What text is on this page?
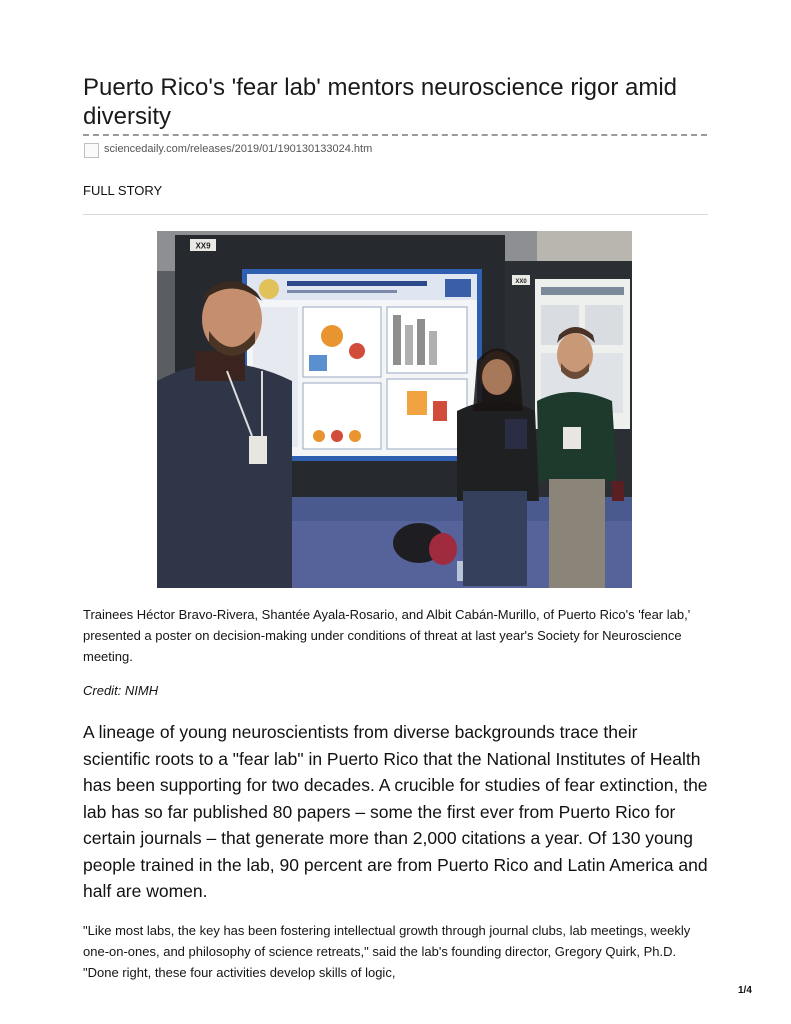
Puerto Rico's 'fear lab' mentors neuroscience rigor amid diversity
sciencedaily.com/releases/2019/01/190130133024.htm
FULL STORY
XX9
XX0

Trainees Héctor Bravo-Rivera, Shantée Ayala-Rosario, and Albit Cabán-Murillo, of Puerto Rico's 'fear lab,' presented a poster on decision-making under conditions of threat at last year's Society for Neuroscience meeting.

Credit: NIMH

A lineage of young neuroscientists from diverse backgrounds trace their scientific roots to a "fear lab" in Puerto Rico that the National Institutes of Health has been supporting for two decades. A crucible for studies of fear extinction, the lab has so far published 80 papers – some the first ever from Puerto Rico for certain journals – that generate more than 2,000 citations a year. Of 130 young people trained in the lab, 90 percent are from Puerto Rico and Latin America and half are women.

"Like most labs, the key has been fostering intellectual growth through journal clubs, lab meetings, weekly one-on-ones, and philosophy of science retreats," said the lab's founding director, Gregory Quirk, Ph.D. "Done right, these four activities develop skills of logic,

1/4
